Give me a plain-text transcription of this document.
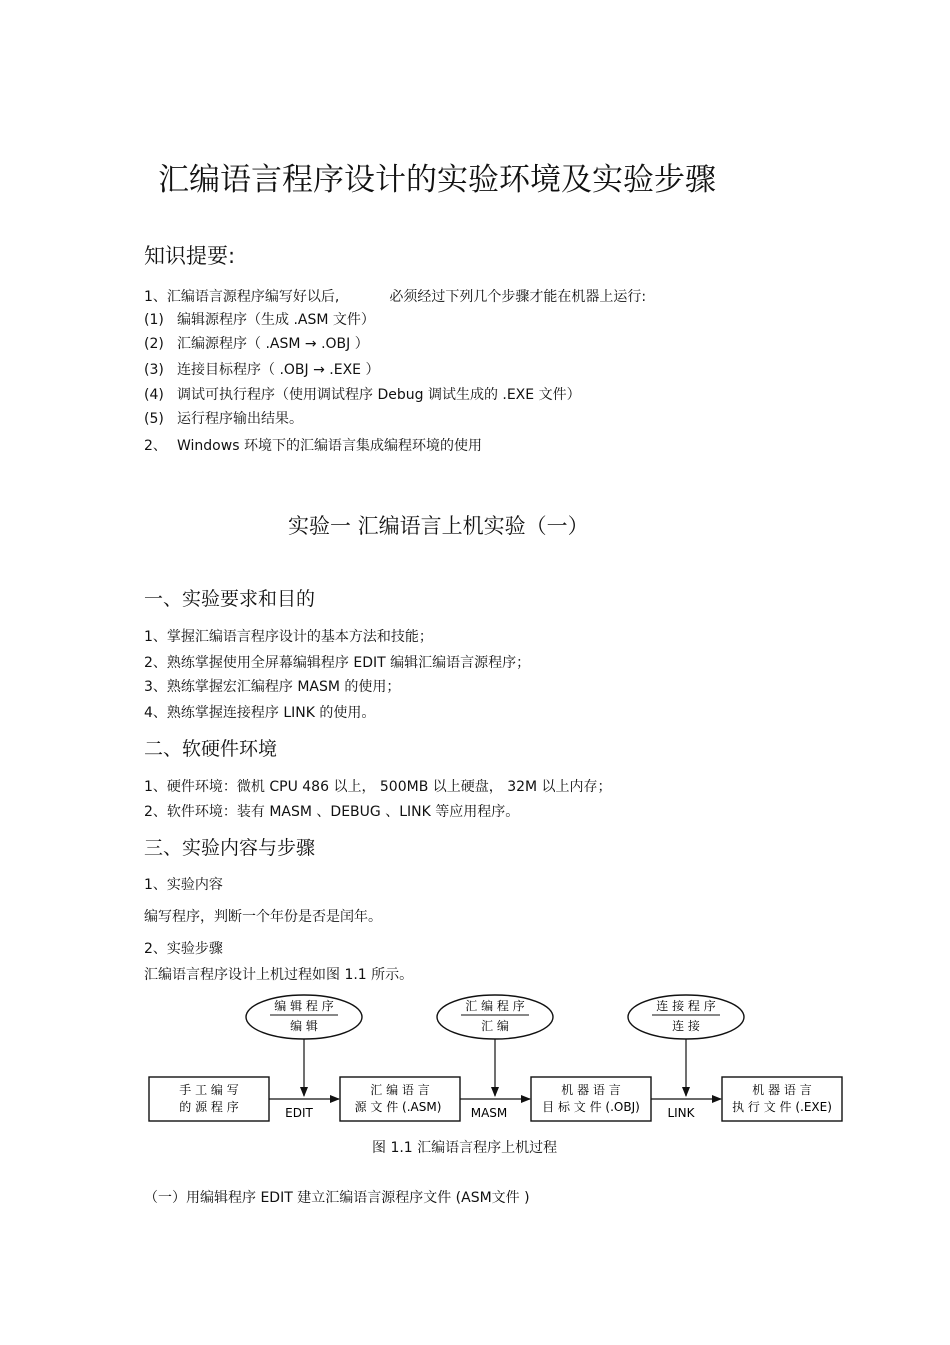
汇编语言程序设计的实验环境及实验步骤
知识提要:
1、汇编语言源程序编写好以后,	必须经过下列几个步骤才能在机器上运行:
(1) 编辑源程序（生成 .ASM 文件）
(2) 汇编源程序（ .ASM → .OBJ ）
(3) 连接目标程序（ .OBJ → .EXE ）
(4) 调试可执行程序（使用调试程序 Debug 调试生成的 .EXE 文件）
(5) 运行程序输出结果。
2、 Windows 环境下的汇编语言集成编程环境的使用
实验一 汇编语言上机实验（一）
一、实验要求和目的
1、掌握汇编语言程序设计的基本方法和技能；
2、熟练掌握使用全屏幕编辑程序 EDIT 编辑汇编语言源程序；
3、熟练掌握宏汇编程序 MASM 的使用；
4、熟练掌握连接程序 LINK 的使用。
二、软硬件环境
1、硬件环境：微机 CPU 486 以上， 500MB 以上硬盘， 32M 以上内存；
2、软件环境：装有 MASM 、DEBUG 、LINK 等应用程序。
三、实验内容与步骤
1、实验内容
编写程序，判断一个年份是否是闰年。
2、实验步骤
汇编语言程序设计上机过程如图 1.1 所示。
编 辑 程 序
编 辑
汇 编 程 序
汇 编
连 接 程 序
连 接
手 工 编 写
的 源 程 序
汇 编 语 言
源 文 件 (.ASM)
机 器 语 言
目 标 文 件 (.OBJ)
机 器 语 言
执 行 文 件 (.EXE)
EDIT	MASM	LINK
图 1.1 汇编语言程序上机过程
（一）用编辑程序 EDIT 建立汇编语言源程序文件 (ASM文件 )
